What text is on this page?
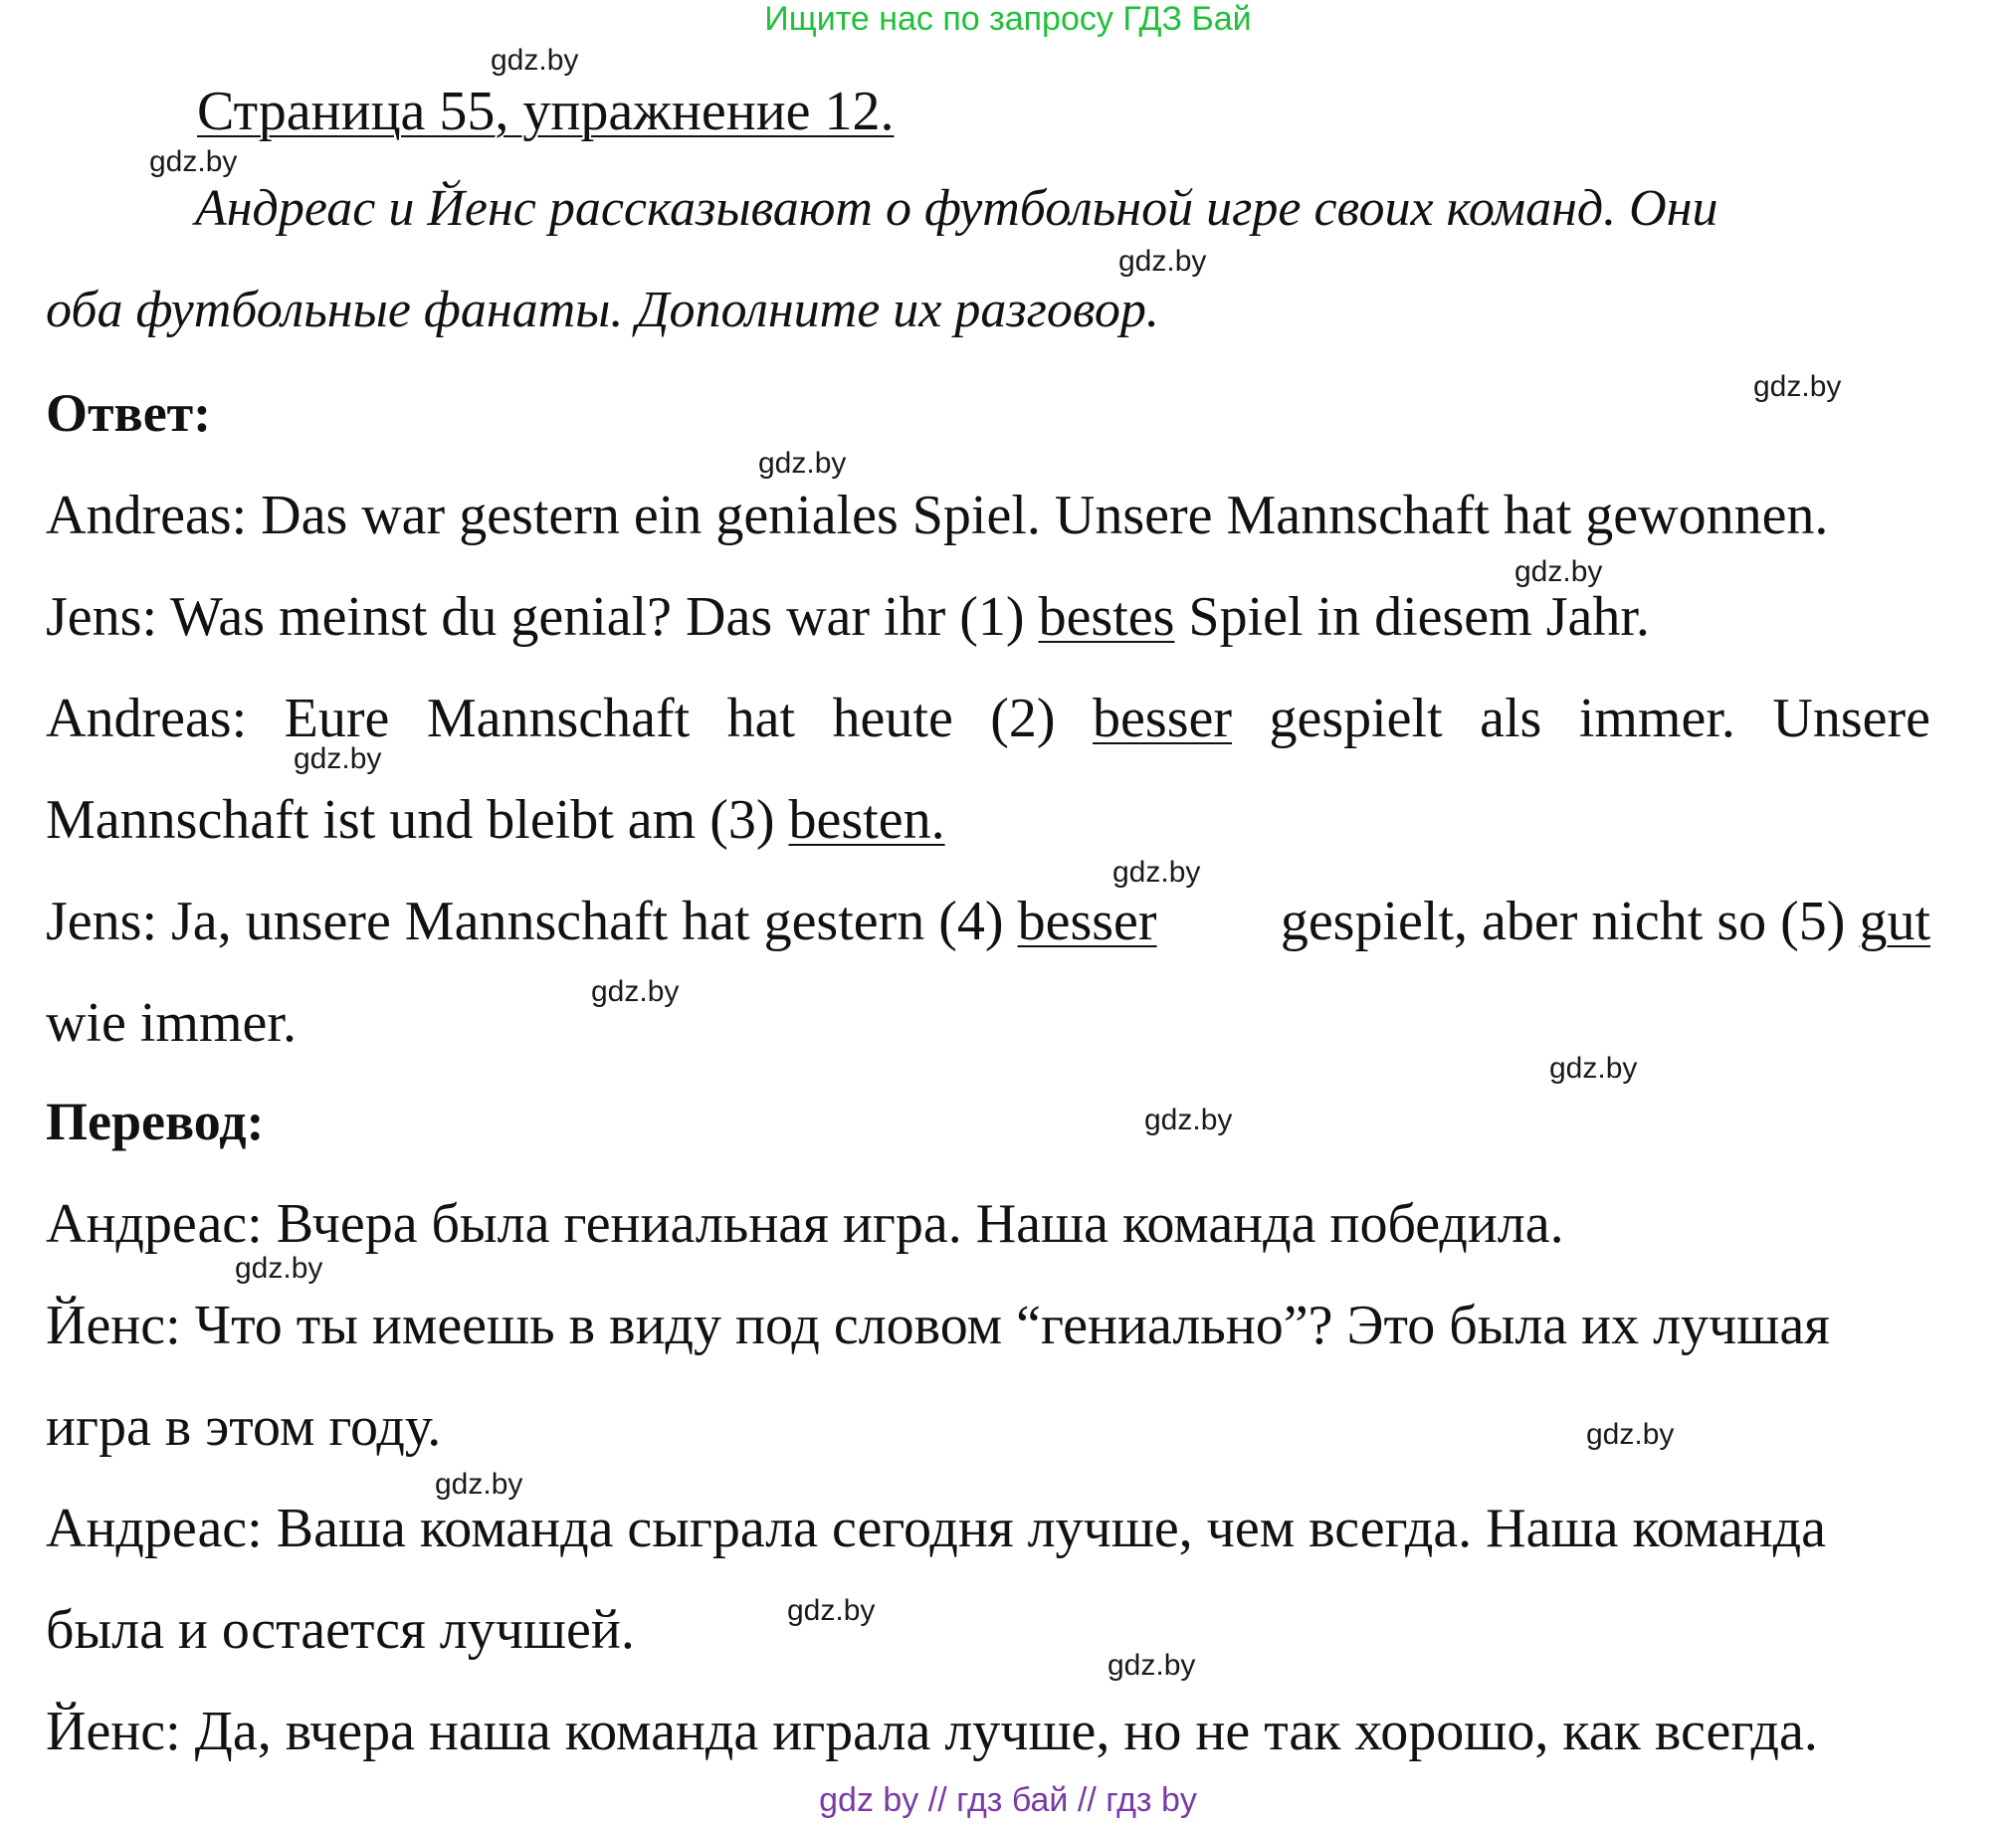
Ищите нас по запросу ГДЗ Бай
gdz.by
gdz.by
gdz.by
gdz.by
gdz.by
gdz.by
gdz.by
gdz.by
gdz.by
gdz.by
gdz.by
gdz.by
gdz.by
gdz.by
gdz.by
gdz.by
Страница 55, упражнение 12.
Андреас и Йенс рассказывают о футбольной игре своих команд. Они
оба футбольные фанаты. Дополните их разговор.
Ответ:
Andreas: Das war gestern ein geniales Spiel. Unsere Mannschaft hat gewonnen.
Jens: Was meinst du genial? Das war ihr (1) bestes Spiel in diesem Jahr.
Andreas: Eure Mannschaft hat heute (2) besser gespielt als immer. Unsere
Mannschaft ist und bleibt am (3) besten.
Jens: Ja, unsere Mannschaft hat gestern (4) besser gespielt, aber nicht so (5) gut
wie immer.
Перевод:
Андреас: Вчера была гениальная игра. Наша команда победила.
Йенс: Что ты имеешь в виду под словом “гениально”? Это была их лучшая
игра в этом году.
Андреас: Ваша команда сыграла сегодня лучше, чем всегда. Наша команда
была и остается лучшей.
Йенс: Да, вчера наша команда играла лучше, но не так хорошо, как всегда.
gdz by // гдз бай // гдз by
